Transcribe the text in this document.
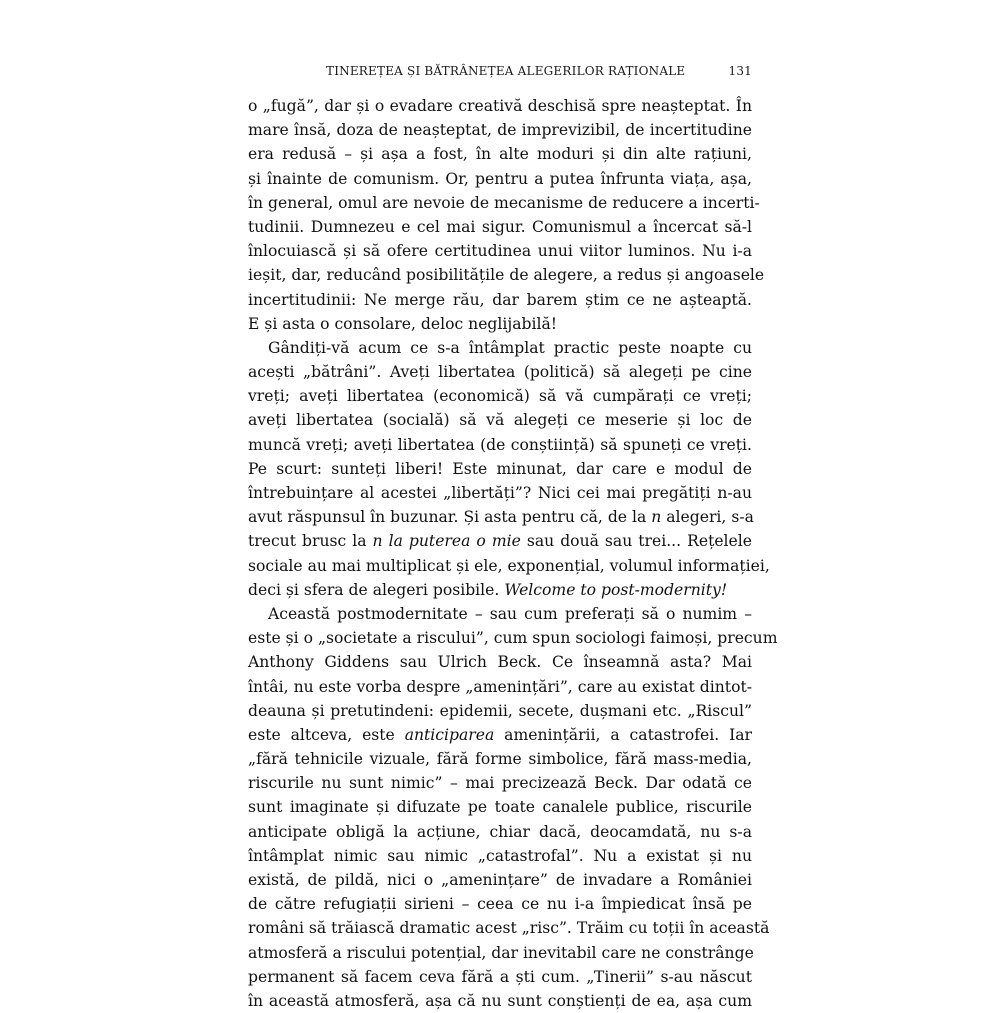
TINEREȚEA ȘI BĂTRÂNEȚEA ALEGERILOR RAȚIONALE	131
o „fugă”, dar și o evadare creativă deschisă spre neașteptat. În
mare însă, doza de neașteptat, de imprevizibil, de incertitudine
era redusă – și așa a fost, în alte moduri și din alte rațiuni,
și înainte de comunism. Or, pentru a putea înfrunta viața, așa,
în general, omul are nevoie de mecanisme de reducere a incerti-
tudinii. Dumnezeu e cel mai sigur. Comunismul a încercat să-l
înlocuiască și să ofere certitudinea unui viitor luminos. Nu i-a
ieșit, dar, reducând posibilitățile de alegere, a redus și angoasele
incertitudinii: Ne merge rău, dar barem știm ce ne așteaptă.
E și asta o consolare, deloc neglijabilă!
Gândiți-vă acum ce s-a întâmplat practic peste noapte cu
acești „bătrâni”. Aveți libertatea (politică) să alegeți pe cine
vreți; aveți libertatea (economică) să vă cumpărați ce vreți;
aveți libertatea (socială) să vă alegeți ce meserie și loc de
muncă vreți; aveți libertatea (de conștiință) să spuneți ce vreți.
Pe scurt: sunteți liberi! Este minunat, dar care e modul de
întrebuințare al acestei „libertăți”? Nici cei mai pregătiți n-au
avut răspunsul în buzunar. Și asta pentru că, de la n alegeri, s-a
trecut brusc la n la puterea o mie sau două sau trei... Rețelele
sociale au mai multiplicat și ele, exponențial, volumul informației,
deci și sfera de alegeri posibile. Welcome to post-modernity!
Această postmodernitate – sau cum preferați să o numim –
este și o „societate a riscului”, cum spun sociologi faimoși, precum
Anthony Giddens sau Ulrich Beck. Ce înseamnă asta? Mai
întâi, nu este vorba despre „amenințări”, care au existat dintot-
deauna și pretutindeni: epidemii, secete, dușmani etc. „Riscul”
este altceva, este anticiparea amenințării, a catastrofei. Iar
„fără tehnicile vizuale, fără forme simbolice, fără mass-media,
riscurile nu sunt nimic” – mai precizează Beck. Dar odată ce
sunt imaginate și difuzate pe toate canalele publice, riscurile
anticipate obligă la acțiune, chiar dacă, deocamdată, nu s-a
întâmplat nimic sau nimic „catastrofal”. Nu a existat și nu
există, de pildă, nici o „amenințare” de invadare a României
de către refugiații sirieni – ceea ce nu i-a împiedicat însă pe
români să trăiască dramatic acest „risc”. Trăim cu toții în această
atmosferă a riscului potențial, dar inevitabil care ne constrânge
permanent să facem ceva fără a ști cum. „Tinerii” s-au născut
în această atmosferă, așa că nu sunt conștienți de ea, așa cum
